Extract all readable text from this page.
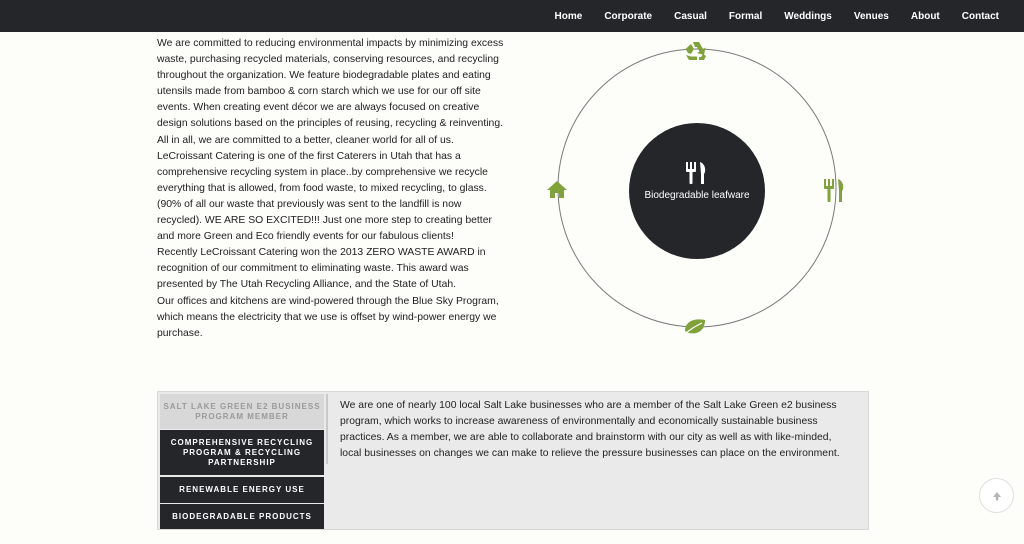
Home Corporate Casual Formal Weddings Venues About Contact

We are committed to reducing environmental impacts by minimizing excess waste, purchasing recycled materials, conserving resources, and recycling throughout the organization. We feature biodegradable plates and eating utensils made from bamboo & corn starch which we use for our off site events. When creating event décor we are always focused on creative design solutions based on the principles of reusing, recycling & reinventing. All in all, we are committed to a better, cleaner world for all of us.

LeCroissant Catering is one of the first Caterers in Utah that has a comprehensive recycling system in place..by comprehensive we recycle everything that is allowed, from food waste, to mixed recycling, to glass. (90% of all our waste that previously was sent to the landfill is now recycled). WE ARE SO EXCITED!!! Just one more step to creating better and more Green and Eco friendly events for our fabulous clients!

Recently LeCroissant Catering won the 2013 ZERO WASTE AWARD in recognition of our commitment to eliminating waste. This award was presented by The Utah Recycling Alliance, and the State of Utah.

Our offices and kitchens are wind-powered through the Blue Sky Program, which means the electricity that we use is offset by wind-power energy we purchase.

Biodegradable leafware
SALT LAKE GREEN E2 BUSINESS PROGRAM MEMBER
COMPREHENSIVE RECYCLING PROGRAM & RECYCLING PARTNERSHIP
RENEWABLE ENERGY USE
BIODEGRADABLE PRODUCTS
We are one of nearly 100 local Salt Lake businesses who are a member of the Salt Lake Green e2 business program, which works to increase awareness of environmentally and economically sustainable business practices. As a member, we are able to collaborate and brainstorm with our city as well as with like-minded, local businesses on changes we can make to relieve the pressure businesses can place on the environment.
